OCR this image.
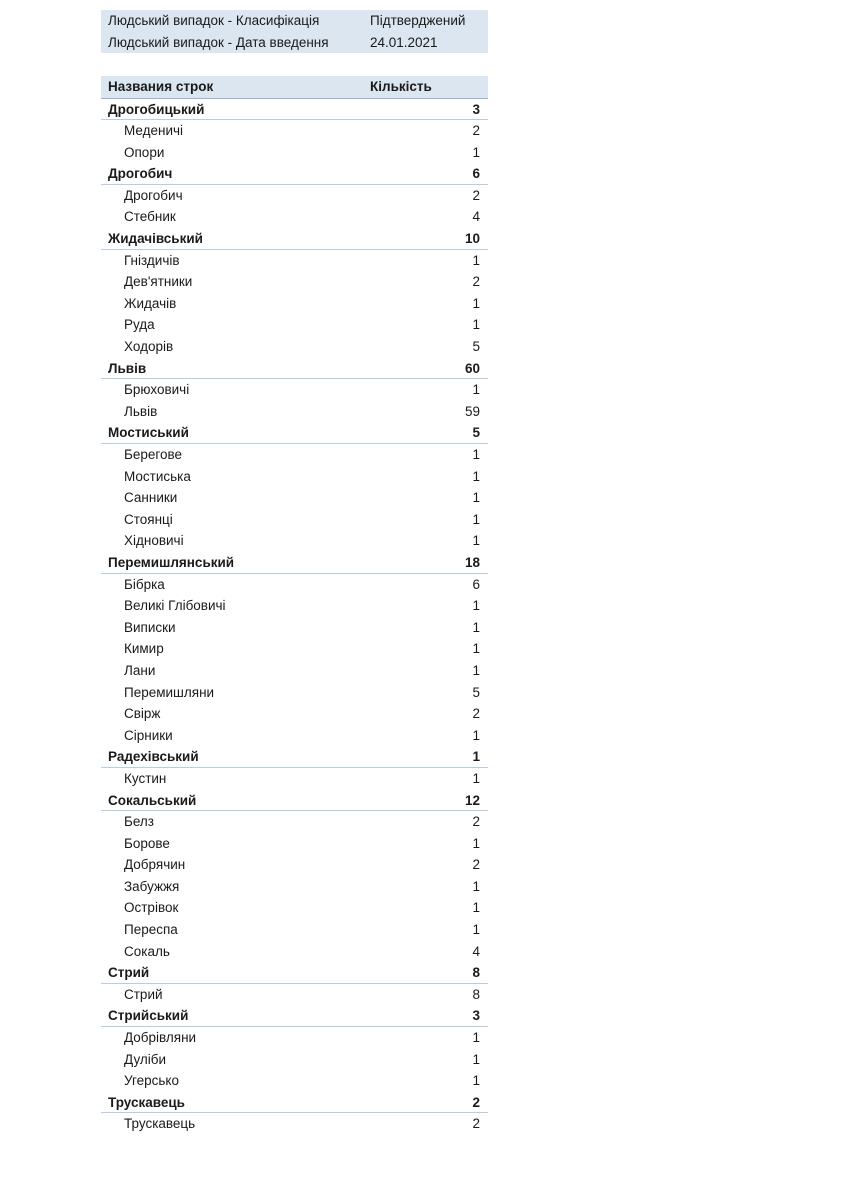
Людський випадок - Класифікація	Підтверджений
Людський випадок - Дата введення	24.01.2021
Названия строк	Кількість
Дрогобицький	3
Меденичі	2
Опори	1
Дрогобич	6
Дрогобич	2
Стебник	4
Жидачівський	10
Гніздичів	1
Дев'ятники	2
Жидачів	1
Руда	1
Ходорів	5
Львів	60
Брюховичі	1
Львів	59
Мостиський	5
Берегове	1
Мостиська	1
Санники	1
Стоянці	1
Хідновичі	1
Перемишлянський	18
Бібрка	6
Великі Глібовичі	1
Bиписки	1
Кимир	1
Лани	1
Перемишляни	5
Свірж	2
Сірники	1
Радехівський	1
Кустин	1
Сокальський	12
Белз	2
Борове	1
Добрячин	2
Забужжя	1
Острівок	1
Переспа	1
Сокаль	4
Стрий	8
Стрий	8
Стрийський	3
Добрівляни	1
Дуліби	1
Угерсько	1
Трускавець	2
Трускавець	2
